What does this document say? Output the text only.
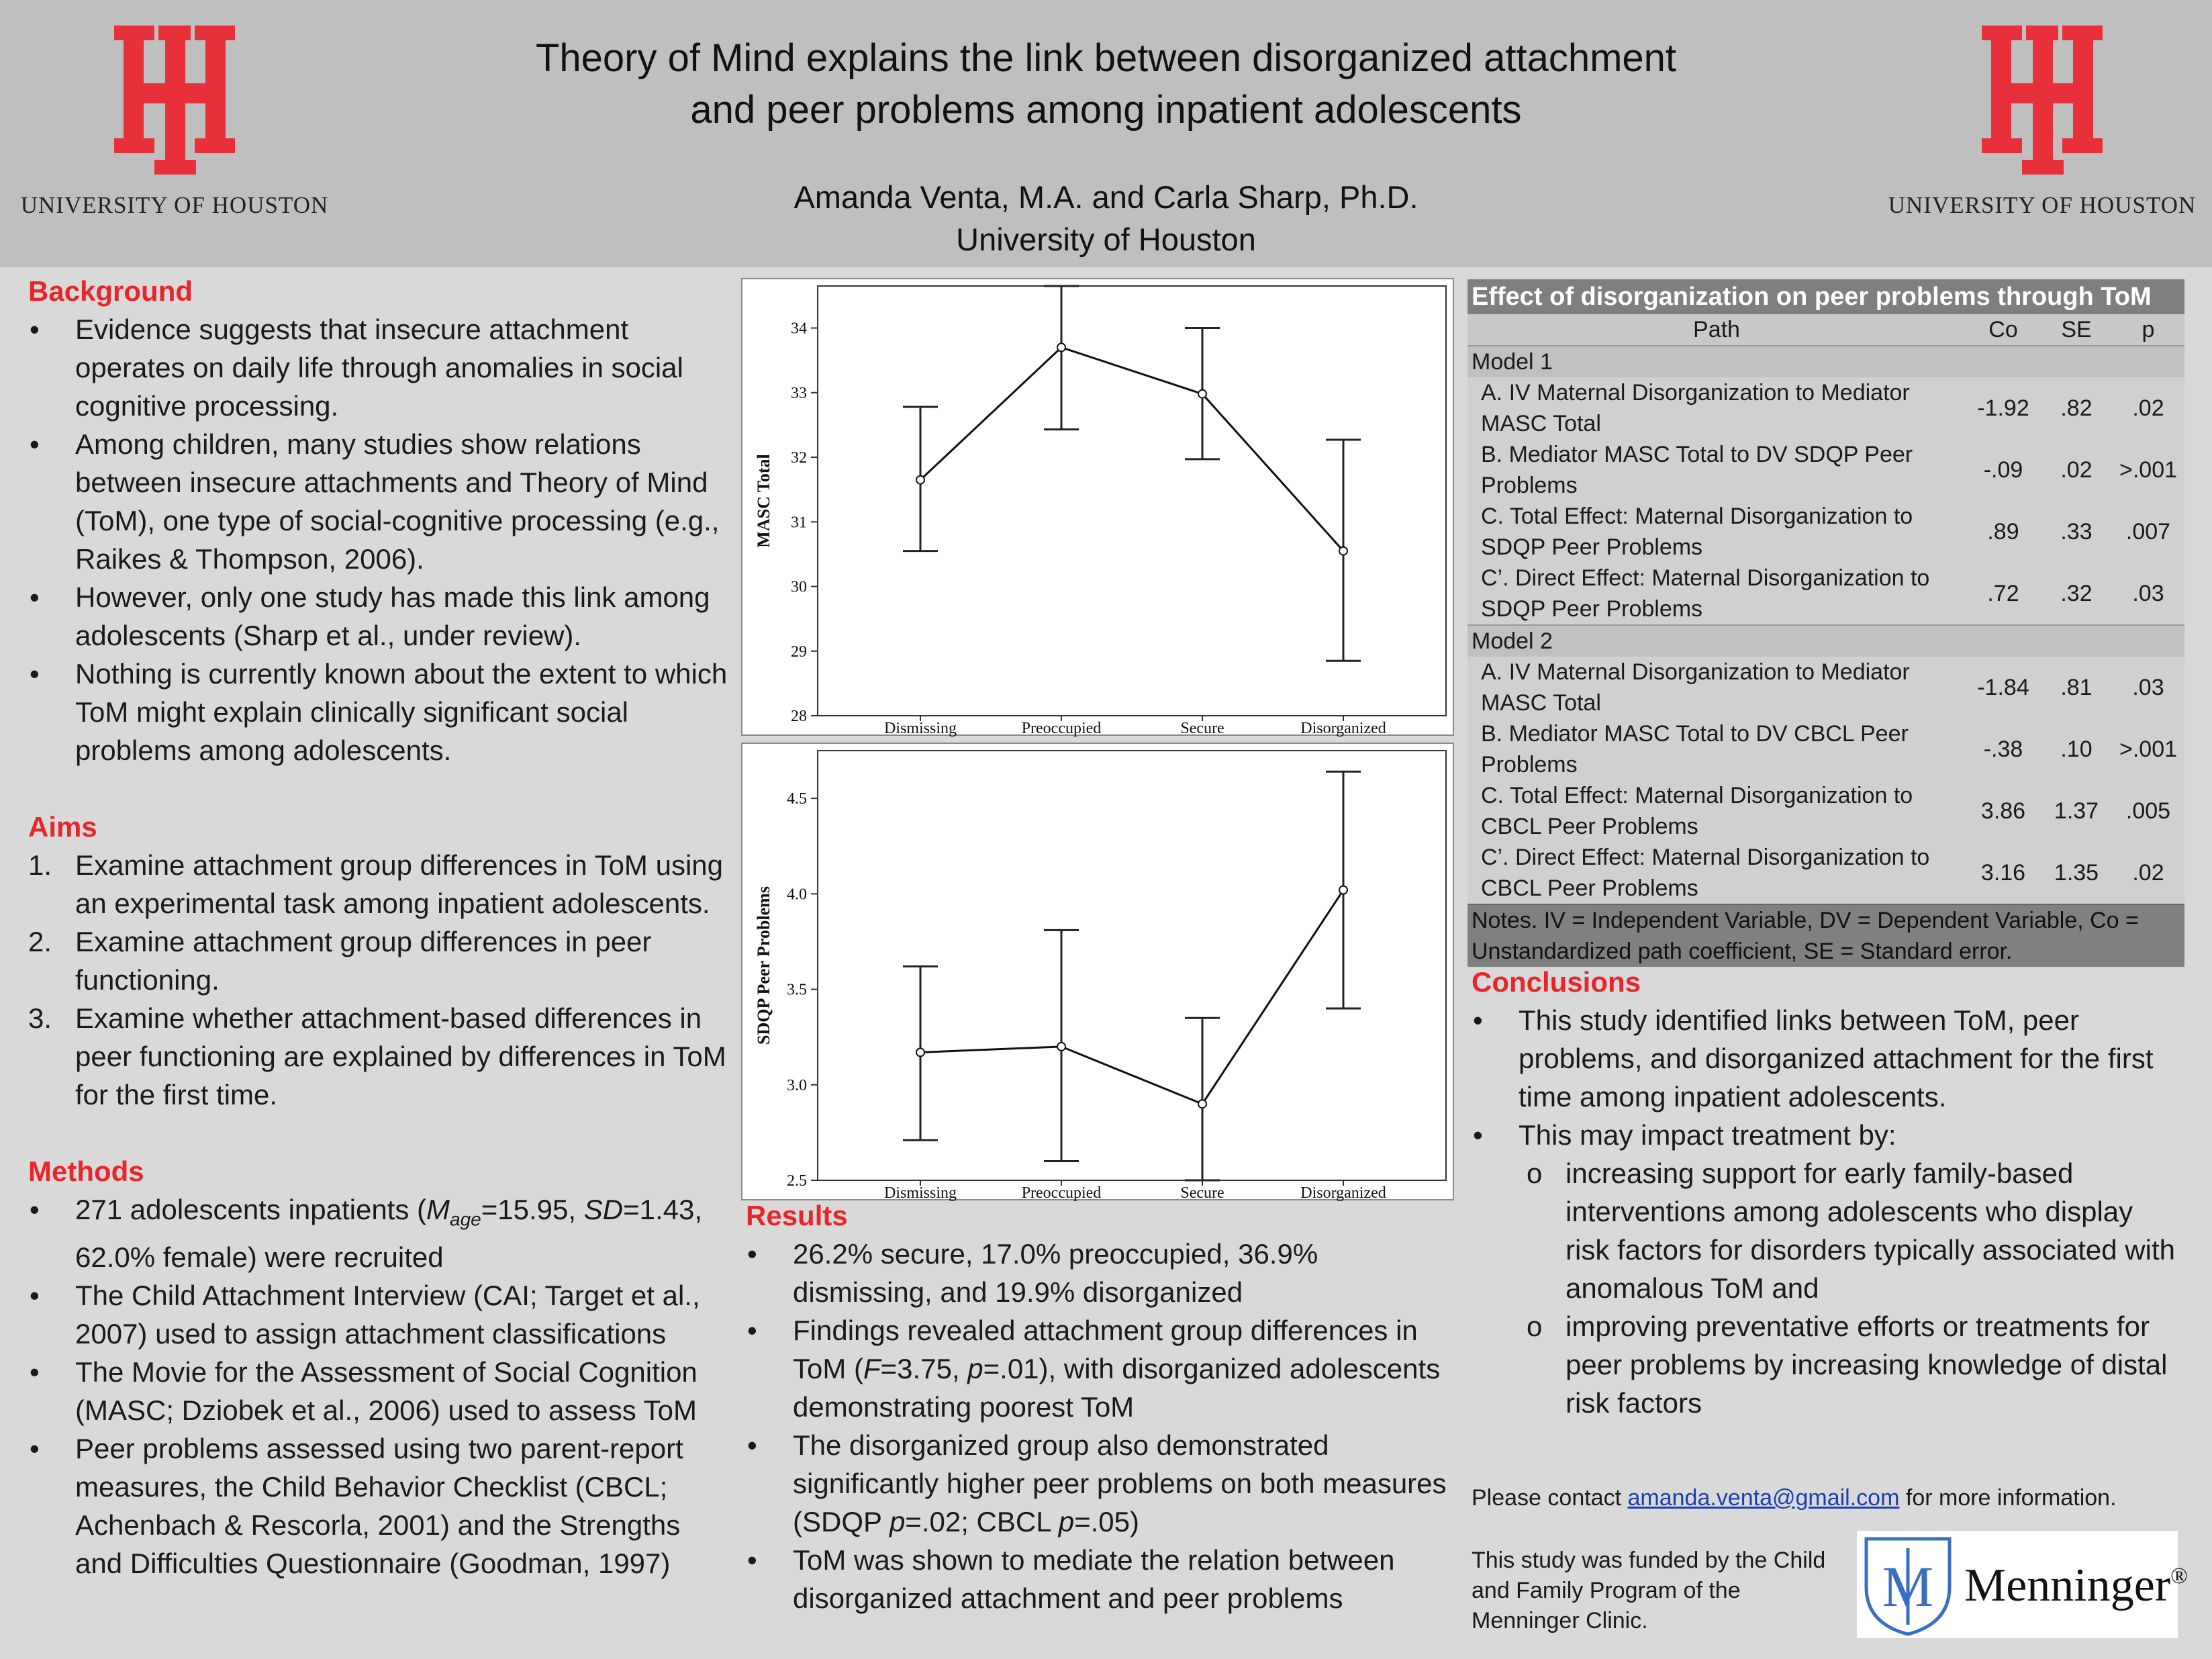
UNIVERSITY OF HOUSTON
Theory of Mind explains the link between disorganized attachment
and peer problems among inpatient adolescents
Amanda Venta, M.A. and Carla Sharp, Ph.D.
University of Houston
UNIVERSITY OF HOUSTON
Background
• Evidence suggests that insecure attachment operates on daily life through anomalies in social cognitive processing.
• Among children, many studies show relations between insecure attachments and Theory of Mind (ToM), one type of social-cognitive processing (e.g., Raikes & Thompson, 2006).
• However, only one study has made this link among adolescents (Sharp et al., under review).
• Nothing is currently known about the extent to which ToM might explain clinically significant social problems among adolescents.
Aims
1. Examine attachment group differences in ToM using an experimental task among inpatient adolescents.
2. Examine attachment group differences in peer functioning.
3. Examine whether attachment-based differences in peer functioning are explained by differences in ToM for the first time.
Methods
• 271 adolescents inpatients ($M_{age}=15.95$, SD=1.43, 62.0% female) were recruited
• The Child Attachment Interview (CAI; Target et al., 2007) used to assign attachment classifications
• The Movie for the Assessment of Social Cognition (MASC; Dziobek et al., 2006) used to assess ToM
• Peer problems assessed using two parent-report measures, the Child Behavior Checklist (CBCL; Achenbach & Rescorla, 2001) and the Strengths and Difficulties Questionnaire (Goodman, 1997)
28
29
30
31
32
33
34
MASC Total
Dismissing	Preoccupied	Secure	Disorganized
2.5
3.0
3.5
4.0
4.5
SDQP Peer Problems
Dismissing	Preoccupied	Secure	Disorganized
Results
• 26.2% secure, 17.0% preoccupied, 36.9% dismissing, and 19.9% disorganized
• Findings revealed attachment group differences in ToM (F=3.75, p=.01), with disorganized adolescents demonstrating poorest ToM
• The disorganized group also demonstrated significantly higher peer problems on both measures (SDQP p=.02; CBCL p=.05)
• ToM was shown to mediate the relation between disorganized attachment and peer problems
Effect of disorganization on peer problems through ToM			
Path	Co	SE	p
Model 1			
A. IV Maternal Disorganization to Mediator MASC Total	-1.92	.82	.02
B. Mediator MASC Total to DV SDQP Peer Problems	-.09	.02	>.001
C. Total Effect: Maternal Disorganization to SDQP Peer Problems	.89	.33	.007
C’. Direct Effect: Maternal Disorganization to SDQP Peer Problems	.72	.32	.03
Model 2			
A. IV Maternal Disorganization to Mediator MASC Total	-1.84	.81	.03
B. Mediator MASC Total to DV CBCL Peer Problems	-.38	.10	>.001
C. Total Effect: Maternal Disorganization to CBCL Peer Problems	3.86	1.37	.005
C’. Direct Effect: Maternal Disorganization to CBCL Peer Problems	3.16	1.35	.02
Notes. IV = Independent Variable, DV = Dependent Variable, Co = Unstandardized path coefficient, SE = Standard error.			
Conclusions
• This study identified links between ToM, peer problems, and disorganized attachment for the first time among inpatient adolescents.
• This may impact treatment by:
o increasing support for early family-based interventions among adolescents who display risk factors for disorders typically associated with anomalous ToM and
o improving preventative efforts or treatments for peer problems by increasing knowledge of distal risk factors
Please contact amanda.venta@gmail.com for more information.
This study was funded by the Child and Family Program of the Menninger Clinic.
M Menninger®
